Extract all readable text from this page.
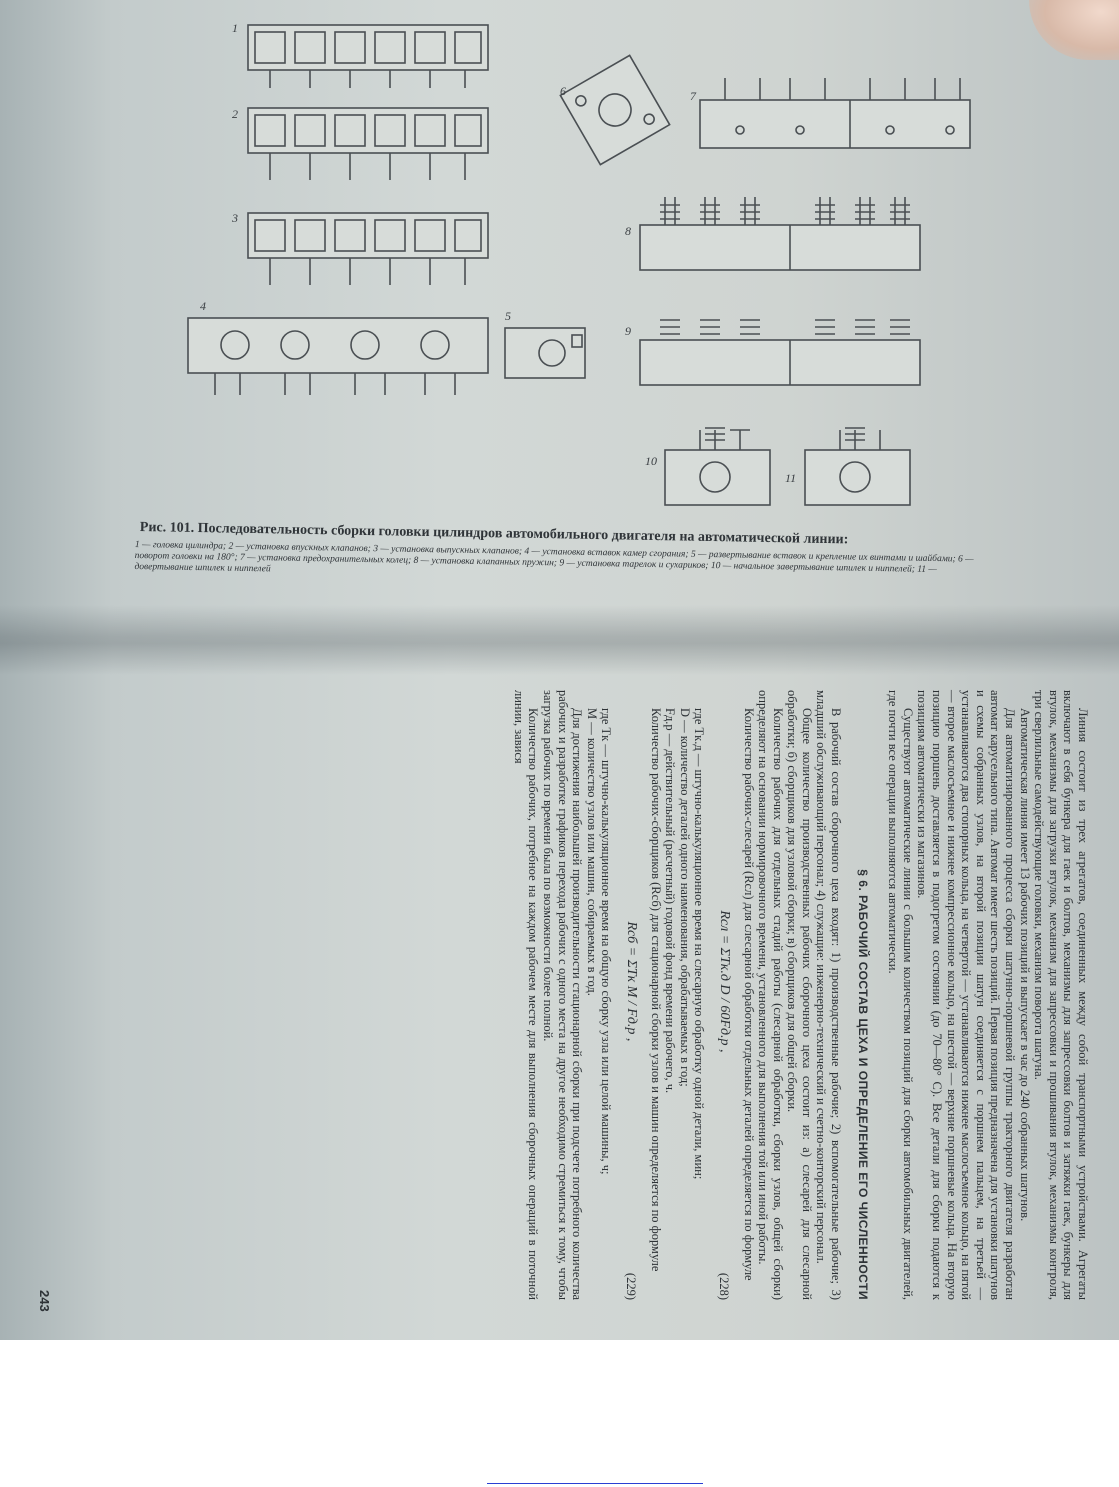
1
2
3
4
5
6	7
8
9
10
11
Рис. 101. Последовательность сборки головки цилиндров автомобильного двигателя на автоматической линии:
1 — головка цилиндра; 2 — установка впускных клапанов; 3 — установка выпускных клапанов; 4 — установка вставок камер сгорания; 5 — развертывание вставок и крепление их винтами и шайбами; 6 — поворот головки на 180°; 7 — установка предохранительных колец; 8 — установка клапанных пружин; 9 — установка тарелок и сухариков; 10 — начальное завертывание шпилек и ниппелей; 11 — довертывание шпилек и ниппелей

Линия состоит из трех агрегатов, соединенных между собой транспортными устройствами. Агрегаты включают в себя бункера для гаек и болтов, механизмы для запрессовки болтов и затяжки гаек, бункеры для втулок, механизмы для загрузки втулок, механизм для запрессовки и прошивания втулок, механизмы контроля, три сверлильные самодействующие головки, механизм поворота шатуна.

Автоматическая линия имеет 13 рабочих позиций и выпускает в час до 240 собранных шатунов.

Для автоматизированного процесса сборки шатунно-поршневой группы тракторного двигателя разработан автомат карусельного типа. Автомат имеет шесть позиций. Первая позиция предназначена для установки шатунов и схемы собранных узлов, на второй позиции шатун соединяется с поршнем пальцем, на третьей — устанавливаются два стопорных кольца, на четвертой — устанавливаются нижнее маслосъемное кольцо, на пятой — второе маслосъемное и нижнее компрессионное кольцо, на шестой — верхние поршневые кольца. На вторую позицию поршень доставляется в подогретом состоянии (до 70—80° C). Все детали для сборки подаются к позициям автоматически из магазинов.

Существуют автоматические линии с большим количеством позиций для сборки автомобильных двигателей, где почти все операции выполняются автоматически.

§ 6. РАБОЧИЙ СОСТАВ ЦЕХА И ОПРЕДЕЛЕНИЕ ЕГО ЧИСЛЕННОСТИ

В рабочий состав сборочного цеха входят: 1) производственные рабочие; 2) вспомогательные рабочие; 3) младший обслуживающий персонал; 4) служащие: инженерно-технический и счетно-конторский персонал.

Общее количество производственных рабочих сборочного цеха состоит из: а) слесарей для слесарной обработки; б) сборщиков для узловой сборки; в) сборщиков для общей сборки.

Количество рабочих для отдельных стадий работы (слесарной обработки, сборки узлов, общей сборки) определяют на основании нормировочного времени, установленного для выполнения той или иной работы.

Количество рабочих-слесарей (Rсл) для слесарной обработки отдельных деталей определяется по формуле

Rсл = ΣTк.д D / 60Fд.р ,
(228)

где Tк.д — штучно-калькуляционное время на слесарную обработку одной детали, мин;

D — количество деталей одного наименования, обрабатываемых в год;

Fд.р — действительный (расчетный) годовой фонд времени рабочего, ч.

Количество рабочих-сборщиков (Rсб) для стационарной сборки узлов и машин определяется по формуле

Rсб = ΣTк M / Fд.р ,
(229)

где Tк — штучно-калькуляционное время на общую сборку узла или целой машины, ч;

M — количество узлов или машин, собираемых в год.

Для достижения наибольшей производительности стационарной сборки при подсчете потребного количества рабочих и разработке графиков перехода рабочих с одного места на другое необходимо стремиться к тому, чтобы загрузка рабочих по времени была по возможности более полной.

Количество рабочих, потребное на каждом рабочем месте для выполнения сборочных операций в поточной линии, завися

243
